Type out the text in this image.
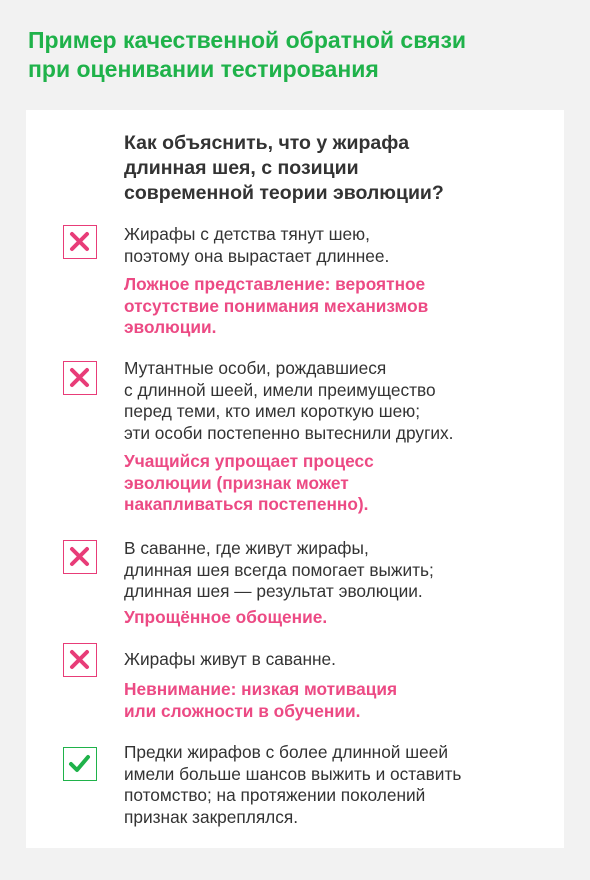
Пример качественной обратной связи
при оценивании тестирования
Как объяснить, что у жирафа
длинная шея, с позиции
современной теории эволюции?
Жирафы с детства тянут шею,
поэтому она вырастает длиннее.
Ложное представление: вероятное
отсутствие понимания механизмов
эволюции.
Мутантные особи, рождавшиеся
с длинной шеей, имели преимущество
перед теми, кто имел короткую шею;
эти особи постепенно вытеснили других.
Учащийся упрощает процесс
эволюции (признак может
накапливаться постепенно).
В саванне, где живут жирафы,
длинная шея всегда помогает выжить;
длинная шея — результат эволюции.
Упрощённое обощение.
Жирафы живут в саванне.
Невнимание: низкая мотивация
или сложности в обучении.
Предки жирафов с более длинной шеей
имели больше шансов выжить и оставить
потомство; на протяжении поколений
признак закреплялся.
